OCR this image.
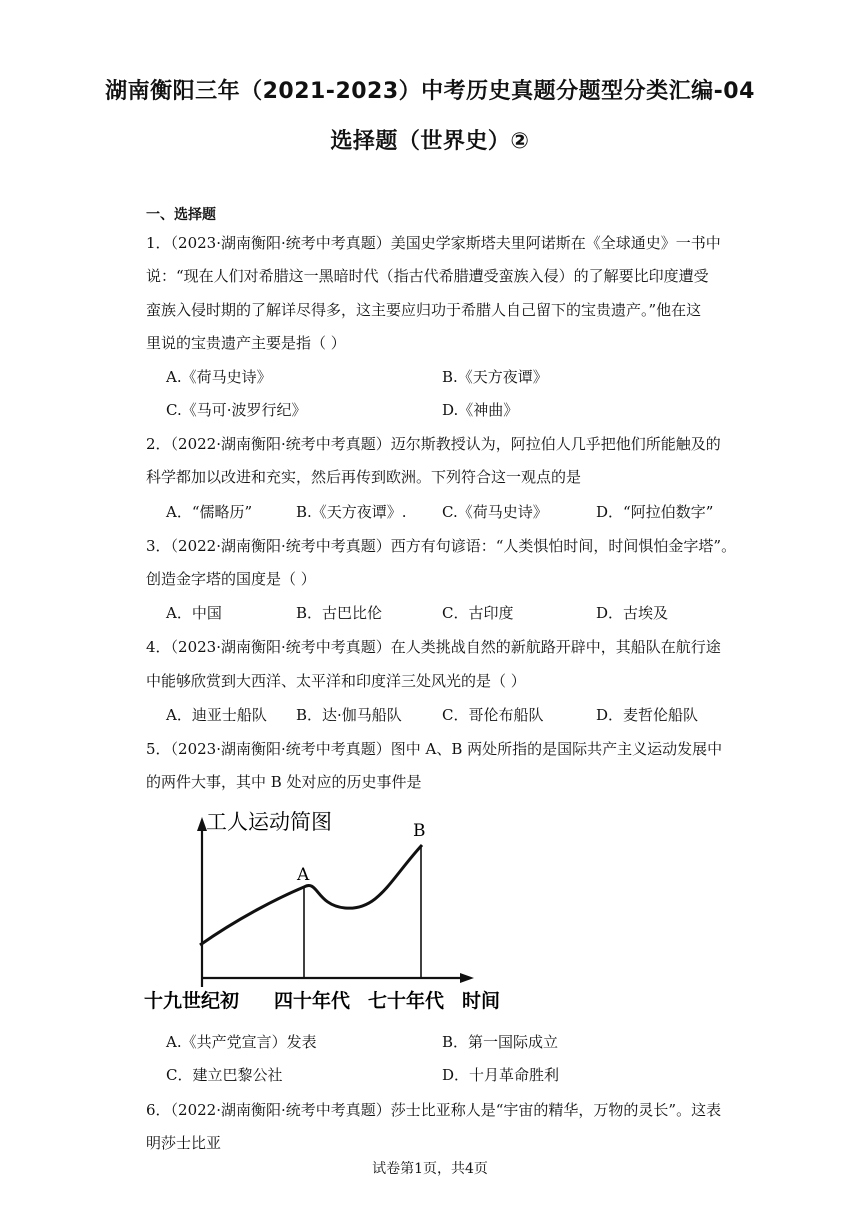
湖南衡阳三年（2021-2023）中考历史真题分题型分类汇编-04
选择题（世界史）②
一、选择题
1．（2023·湖南衡阳·统考中考真题）美国史学家斯塔夫里阿诺斯在《全球通史》一书中
说：“现在人们对希腊这一黑暗时代（指古代希腊遭受蛮族入侵）的了解要比印度遭受
蛮族入侵时期的了解详尽得多，这主要应归功于希腊人自己留下的宝贵遗产。”他在这
里说的宝贵遗产主要是指（ ）
A.《荷马史诗》	B.《天方夜谭》
C.《马可·波罗行纪》	D.《神曲》
2．（2022·湖南衡阳·统考中考真题）迈尔斯教授认为，阿拉伯人几乎把他们所能触及的
科学都加以改进和充实，然后再传到欧洲。下列符合这一观点的是
A．“儒略历”	B.《天方夜谭》. C.《荷马史诗》	D．“阿拉伯数字”
3．（2022·湖南衡阳·统考中考真题）西方有句谚语：“人类惧怕时间，时间惧怕金字塔”。
创造金字塔的国度是（ ）
A．中国	B．古巴比伦	C．古印度	D．古埃及
4．（2023·湖南衡阳·统考中考真题）在人类挑战自然的新航路开辟中，其船队在航行途
中能够欣赏到大西洋、太平洋和印度洋三处风光的是（ ）
A．迪亚士船队 B．达·伽马船队	C．哥伦布船队	D．麦哲伦船队
5．（2023·湖南衡阳·统考中考真题）图中 A、B 两处所指的是国际共产主义运动发展中
的两件大事，其中 B 处对应的历史事件是
工人运动简图
A
B
十九世纪初 四十年代 七十年代 时间
A.《共产党宣言）发表	B．第一国际成立
C．建立巴黎公社	D．十月革命胜利
6．（2022·湖南衡阳·统考中考真题）莎士比亚称人是“宇宙的精华，万物的灵长”。这表
明莎士比亚
试卷第1页，共4页
